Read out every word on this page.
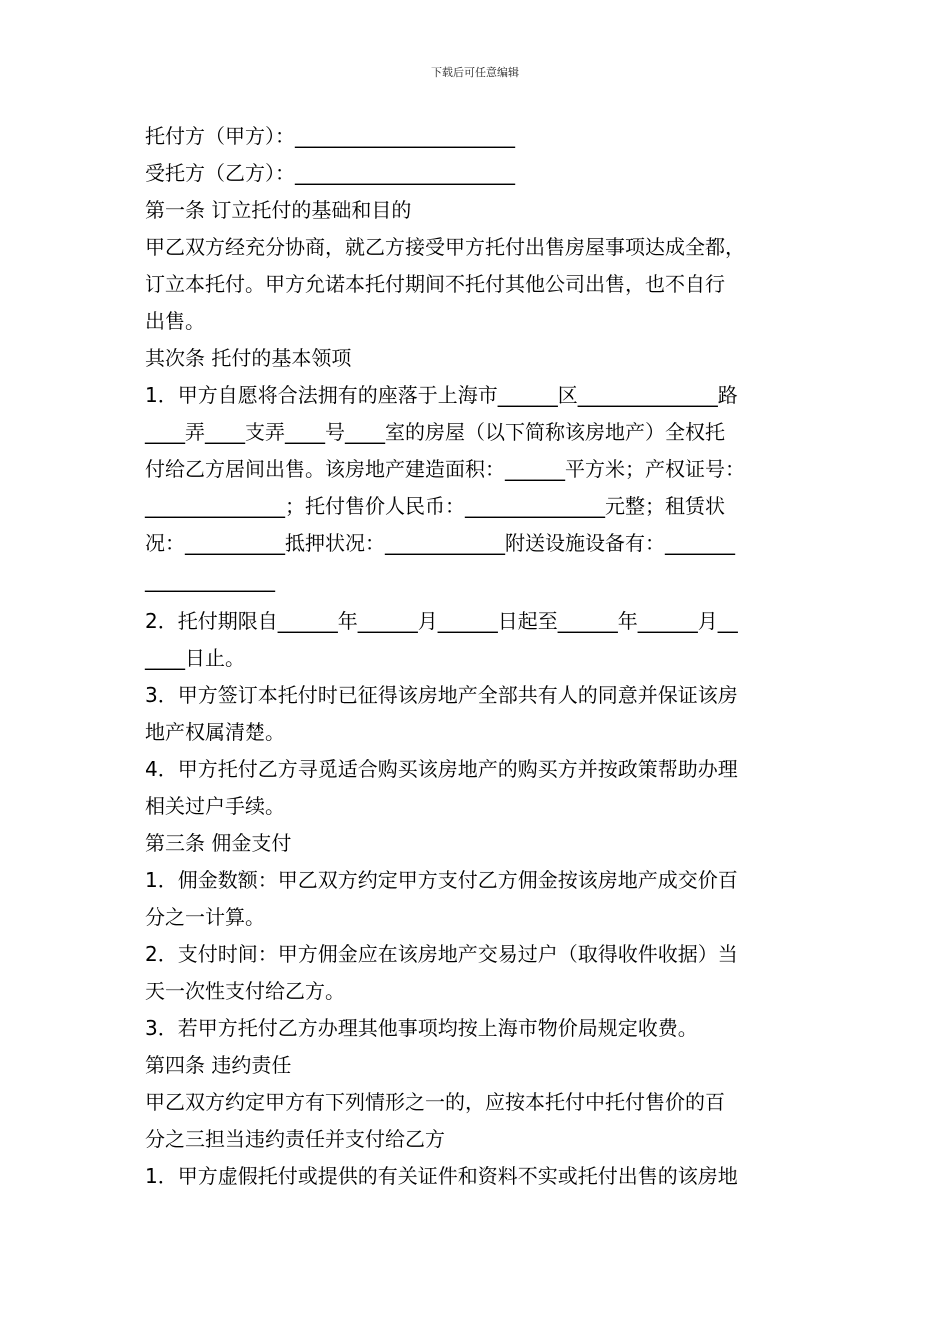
下载后可任意编辑
托付方（甲方）：______________________
受托方（乙方）：______________________
第一条 订立托付的基础和目的
甲乙双方经充分协商，就乙方接受甲方托付出售房屋事项达成全都，
订立本托付。甲方允诺本托付期间不托付其他公司出售，也不自行
出售。
其次条 托付的基本领项
1．甲方自愿将合法拥有的座落于上海市______区______________路
____弄____支弄____号____室的房屋（以下简称该房地产）全权托
付给乙方居间出售。该房地产建造面积：______平方米；产权证号：
______________；托付售价人民币：______________元整；租赁状
况：__________抵押状况：____________附送设施设备有：_______
_____________
2．托付期限自______年______月______日起至______年______月__
____日止。
3．甲方签订本托付时已征得该房地产全部共有人的同意并保证该房
地产权属清楚。
4．甲方托付乙方寻觅适合购买该房地产的购买方并按政策帮助办理
相关过户手续。
第三条 佣金支付
1．佣金数额：甲乙双方约定甲方支付乙方佣金按该房地产成交价百
分之一计算。
2．支付时间：甲方佣金应在该房地产交易过户（取得收件收据）当
天一次性支付给乙方。
3．若甲方托付乙方办理其他事项均按上海市物价局规定收费。
第四条 违约责任
甲乙双方约定甲方有下列情形之一的，应按本托付中托付售价的百
分之三担当违约责任并支付给乙方
1．甲方虚假托付或提供的有关证件和资料不实或托付出售的该房地
